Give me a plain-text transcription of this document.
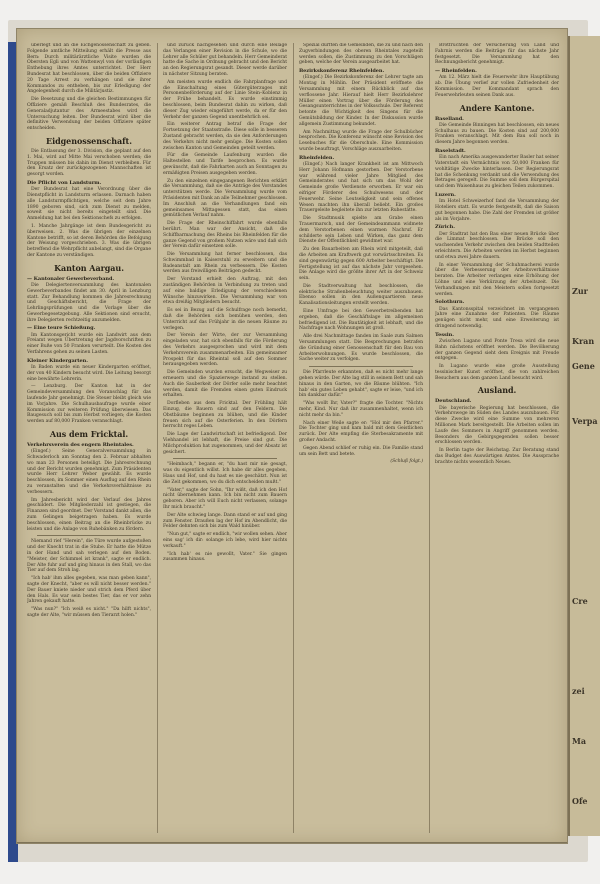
überlegt und an die Eichgenossenschaft zu geben. Folgende amtliche Mitteilung erhält die Presse aus Bern: Durch militärärztliche Visite wurden die Obersten Egli und von Wattenwyl von der vorläufigen Enthebung ihres Amtes unterrichtet. Der Herr Bundesrat hat beschlossen, über die beiden Offiziere 20 Tage Arrest zu verhängen und sie ihrer Kommandos zu entheben, bis zur Erledigung der Angelegenheit durch die Militärjustiz.
Die Besetzung und die gleichen Bestimmungen für Offiziere gemäß Beschluß des Bundesrates, die Generaladjutantur des Armeestabes wird die Untersuchung leiten. Der Bundesrat wird über die definitive Verwendung der beiden Offiziere später entscheiden.
Eidgenossenschaft.
Die Entlassung der 3. Division, die geplant auf den 1. Mai, wird auf Mitte Mai verschoben werden; die Truppen müssen bis dahin im Dienst verbleiben. Für den Ersatz der zurückgezogenen Mannschaften ist gesorgt worden.
Die Pflicht von Landsturm.
Der Bundesrat hat eine Verordnung über die Dienstpflicht in Landsturm erlassen. Darnach haben alle Landsturmpflichtigen, welche seit dem Jahre 1890 geboren sind, sich zum Dienst zu melden, soweit sie nicht bereits eingeteilt sind. Die Anmeldung hat bei den Sektionschefs zu erfolgen.
1. Manche Jahrgänge ist dem Bundesgericht zu überweisen. 2. Was die übrigen der einzelnen Kantone betrifft, so ist deren Behörden die Befolgung der Weisung vorgeschrieben. 3. Was die übrigen betreffend die Wehrpflicht anbelangt, sind die Organe der Kantone zu verständigen.
Kanton Aargau.
— Kantonaler Gewerbeverband.
Die Delegiertenversammlung des kantonalen Gewerbeverbandes findet am 30. April in Lenzburg statt. Zur Behandlung kommen die Jahresrechnung und Geschäftsbericht, die Frage der Lehrlingsprüfungen und die Vorlage über die Gewerbegesetzgebung. Alle Sektionen sind ersucht, ihre Delegierten rechtzeitig anzumelden.
— Eine teure Schießung.
Im Kantonsgericht wurde ein Landwirt aus dem Freiamt wegen Übertretung der Jagdvorschriften zu einer Buße von 50 Franken verurteilt. Die Kosten des Verfahrens gehen zu seinen Lasten.
Kleiner Kindergarten.
In Baden wurde ein neuer Kindergarten eröffnet, der von 40 Kindern besucht wird. Die Leitung besorgt eine bewährte Lehrerin.
— Lenzburg. Der Kanton hat in der Gemeindeversammlung den Voranschlag für das laufende Jahr genehmigt. Die Steuer bleibt gleich wie im Vorjahre. Die Schulhausbaufrage wurde einer Kommission zur weiteren Prüfung überwiesen. Das Baugesuch soll bis zum Herbst vorliegen; die Kosten werden auf 80,000 Franken veranschlagt.
Aus dem Fricktal.
Verkehrsverein des engern Rheintales.
(Eingef.) Seine Generalversammlung in Schwaderloch am Sonntag den 2. Februar abhalten wo man 23 Personen beteiligt. Die Jahresrechnung und der Bericht wurden genehmigt. Zum Präsidenten wurde Herr Lehrer Weber gewählt. Es wurde beschlossen, im Sommer einen Ausflug auf den Rhein zu veranstalten und die Verkehrsverhältnisse zu verbessern.
Im Jahresbericht wird der Verlauf des Jahres geschildert. Die Mitgliederzahl ist gestiegen, die Finanzen sind geordnet. Der Vorstand dankt allen, die zum Gelingen beigetragen haben. Es wurde beschlossen, einen Beitrag an die Rheinbrücke zu leisten und die Anlage von Ruhebänken zu fördern.
Niemand rief "Herein", die Türe wurde aufgestoßen und der Knecht trat in die Stube. Er hatte die Mütze in der Hand und sah verlegen auf den Boden. "Meister, der Schimmel ist krank", sagte er endlich. Der Alte fuhr auf und ging hinaus in den Stall, wo das Tier auf dem Stroh lag.
"Ich hab' ihm alles gegeben, was man geben kann", sagte der Knecht, "aber es will nicht besser werden." Der Bauer kniete nieder und strich dem Pferd über den Hals. Es war sein bestes Tier, das er vor zehn Jahren gekauft hatte.
"Was nun?" "Ich weiß es nicht." "Da hilft nichts", sagte der Alte, "wir müssen den Tierarzt holen."
und zurück nachgesehen und durch eine Beilage das Verlangen einer Revision in die Schule, wo die Lehrer alle Schüler gut behandeln. Herr Gemeinderat hatte die Sache in Ordnung gebracht und den Bericht an den Regierungsrat gesandt. Dieser werde darüber in nächster Sitzung beraten.
Am meisten wurde endlich die Fahrplanfrage und die Einschaltung eines Gütergüterzuges mit Personenbeförderung auf der Linie Stein–Koblenz in der Frühe behandelt. Es wurde einstimmig beschlossen, beim Bundesrat dahin zu wirken, daß dieser Zug wieder eingeführt werde, da er für den Verkehr der ganzen Gegend unentbehrlich sei.
Ein weiterer Antrag betraf die Frage der Fortsetzung der Staatsstraße. Diese solle in besseren Zustand gebracht werden, da sie den Anforderungen des Verkehrs nicht mehr genüge. Die Kosten sollen zwischen Kanton und Gemeinden geteilt werden.
Für die Gemeinde Laufenburg wurden die Haltestellen und Tarife besprochen. Es wurde gewünscht, daß die Fahrkarten auch an Sonntagen zu ermäßigten Preisen ausgegeben werden.
Zu den einzelnen eingegangenen Berichten erklärt die Versammlung, daß sie die Anträge des Vorstandes unterstützen werde. Die Versammlung wurde vom Präsidenten mit Dank an alle Teilnehmer geschlossen. Im Anschluß an die Verhandlungen fand ein gemeinsames Mittagessen statt, das einen gemütlichen Verlauf nahm.
Die Frage der Rheinschiffahrt wurde ebenfalls berührt. Man war der Ansicht, daß die Schiffbarmachung des Rheins bis Rheinfelden für die ganze Gegend von großem Nutzen wäre und daß sich der Verein dafür einsetzen solle.
Die Versammlung hat ferner beschlossen, das Schwimmbad in Kaiserstuhl zu erweitern und die Badeanstalt am Rhein zu verbessern. Die Kosten werden aus freiwilligen Beiträgen gedeckt.
Der Vorstand erhielt den Auftrag, mit den zuständigen Behörden in Verbindung zu treten und auf eine baldige Erledigung der verschiedenen Wünsche hinzuwirken. Die Versammlung war von etwa dreißig Mitgliedern besucht.
Es sei in Bezug auf die Schulfrage noch bemerkt, daß die Behörden sich bemühen werden, den Unterricht auf das Frühjahr in die neuen Räume zu verlegen.
Der Verein der Wirte, der zur Versammlung eingeladen war, hat sich ebenfalls für die Förderung des Verkehrs ausgesprochen und wird mit dem Verkehrsverein zusammenarbeiten. Ein gemeinsamer Prospekt für das Rheintal soll auf den Sommer herausgegeben werden.
Die Gemeinden wurden ersucht, die Wegweiser zu erneuern und die Spazierwege instand zu stellen. Auch die Sauberkeit der Dörfer solle mehr beachtet werden, damit die Fremden einen guten Eindruck erhalten.
Dorfleben aus dem Fricktal. Der Frühling hält Einzug, die Bauern sind auf den Feldern. Die Obstbäume beginnen zu blühen, und die Kinder freuen sich auf die Osterferien. In den Dörfern herrscht reges Leben.
Die Lage der Landwirtschaft ist befriedigend. Der Viehhandel ist lebhaft, die Preise sind gut. Die Milchproduktion hat zugenommen, und der Absatz ist gesichert.
"Heimbach," begann er, "du hast mir nie gesagt, was du eigentlich willst. Ich habe dir alles gegeben, Haus und Hof, und du hast es nie geschätzt. Nun ist die Zeit gekommen, wo du dich entscheiden mußt."
"Vater," sagte der Sohn, "Ihr wißt, daß ich den Hof nicht übernehmen kann. Ich bin nicht zum Bauern geboren. Aber ich will Euch nicht verlassen, solange Ihr mich braucht."
Der Alte schwieg lange. Dann stand er auf und ging zum Fenster. Draußen lag der Hof im Abendlicht, die Felder dehnten sich bis zum Wald hinüber.
"Nun gut," sagte er endlich, "wir wollen sehen. Aber eins sag' ich dir: solange ich lebe, wird hier nichts verkauft."
"Ich hab' es nie gewollt, Vater." Sie gingen zusammen hinaus.
Spezial dürften die Gemeinden, die zu und nach den Zugverbindungen des oberen Rheintales zugeteilt werden sollen, die Zustimmung zu den Vorschlägen geben, welche der Verein ausgearbeitet hat.
Bezirkskonferenz Rheinfelden.
(Eingef.) Die Bezirkskonferenz der Lehrer tagte am Montag in Möhlin. Der Präsident eröffnete die Versammlung mit einem Rückblick auf das verflossene Jahr. Hierauf hielt Herr Bezirkslehrer Müller einen Vortrag über die Förderung des Gesangsunterrichtes in der Volksschule. Der Referent betonte die Wichtigkeit des Singens für die Gemütsbildung der Kinder. In der Diskussion wurde allgemein Zustimmung bekundet.
Am Nachmittag wurde die Frage der Schulbücher besprochen. Die Konferenz wünscht eine Revision des Lesebuches für die Oberschule. Eine Kommission wurde beauftragt, Vorschläge auszuarbeiten.
Rheinfelden.
(Eingef.) Nach langer Krankheit ist am Mittwoch Herr Johann Hofmann gestorben. Der Verstorbene war während vieler Jahre Mitglied des Gemeinderates und hat sich um das Wohl der Gemeinde große Verdienste erworben. Er war ein eifriger Förderer des Schulwesens und der Feuerwehr. Seine Leutseligkeit und sein offenes Wesen machten ihn überall beliebt. Ein großes Trauergeleite begleitete ihn zur letzten Ruhestätte.
Die Stadtmusik spielte am Grabe einen Trauermarsch, und der Gemeindeammann widmete dem Verstorbenen einen warmen Nachruf. Er schilderte sein Leben und Wirken, das ganz dem Dienste der Öffentlichkeit gewidmet war.
Zu den Bauarbeiten am Rhein wird mitgeteilt, daß die Arbeiten am Kraftwerk gut vorwärtsschreiten. Es sind gegenwärtig gegen 600 Arbeiter beschäftigt. Die Fertigstellung ist auf das nächste Jahr vorgesehen. Die Anlage wird die größte ihrer Art in der Schweiz sein.
Die Stadtverwaltung hat beschlossen, die elektrische Straßenbeleuchtung weiter auszubauen. Ebenso sollen in den Außenquartieren neue Kanalisationsleitungen erstellt werden.
Eine Umfrage bei den Gewerbetreibenden hat ergeben, daß die Geschäftslage im allgemeinen befriedigend ist. Die Bautätigkeit ist lebhaft, und die Nachfrage nach Wohnungen ist groß.
Alle drei Nachmittage fanden im Saale zum Salmen Versammlungen statt. Die Besprechungen betrafen die Gründung einer Genossenschaft für den Bau von Arbeiterwohnungen. Es wurde beschlossen, die Sache weiter zu verfolgen.
Die Pfarrleute erkannten, daß es nicht mehr lange gehen würde. Der Alte lag still in seinem Bett und sah hinaus in den Garten, wo die Bäume blühten. "Ich hab' ein gutes Leben gehabt", sagte er leise, "und ich bin dankbar dafür."
"Was wollt Ihr, Vater?" fragte die Tochter. "Nichts mehr, Kind. Nur daß ihr zusammenhaltet, wenn ich nicht mehr da bin."
Nach einer Weile sagte er: "Hol mir den Pfarrer." Die Tochter ging und kam bald mit dem Geistlichen zurück. Der Alte empfing die Sterbesakramente mit großer Andacht.
Gegen Abend schlief er ruhig ein. Die Familie stand um sein Bett und betete.
(Schluß folgt.)
Brotfrüchten der Versicherung von Land und Fahrnis werden die Beiträge für das nächste Jahr festgesetzt. Die Versammlung hat den Rechnungsbericht genehmigt.
— Rheinfelden.
Am 12. März hielt die Feuerwehr ihre Hauptübung ab. Die Übung verlief zur vollen Zufriedenheit der Kommission. Der Kommandant sprach den Feuerwehrleuten seinen Dank aus.
Andere Kantone.
Baselland.
Die Gemeinde Binningen hat beschlossen, ein neues Schulhaus zu bauen. Die Kosten sind auf 200,000 Franken veranschlagt. Mit dem Bau soll noch in diesem Jahre begonnen werden.
Baselstadt.
Ein nach Amerika ausgewanderter Basler hat seiner Vaterstadt ein Vermächtnis von 50,000 Franken für wohltätige Zwecke hinterlassen. Der Regierungsrat hat die Schenkung verdankt und die Verwendung des Betrages geregelt. Die Summe soll dem Bürgerspital und dem Waisenhaus zu gleichen Teilen zukommen.
Luzern.
Im Hotel Schweizerhof fand die Versammlung der Hoteliers statt. Es wurde festgestellt, daß die Saison gut begonnen habe. Die Zahl der Fremden ist größer als im Vorjahre.
Zürich.
Der Stadtrat hat den Bau einer neuen Brücke über die Limmat beschlossen. Die Brücke soll den wachsenden Verkehr zwischen den beiden Stadtteilen erleichtern. Die Arbeiten werden im Herbst beginnen und etwa zwei Jahre dauern.
In einer Versammlung der Schuhmacherei wurde über die Verbesserung der Arbeitsverhältnisse beraten. Die Arbeiter verlangen eine Erhöhung der Löhne und eine Verkürzung der Arbeitszeit. Die Verhandlungen mit den Meistern sollen fortgesetzt werden.
Solothurn.
Das Kantonsspital verzeichnet im vergangenen Jahre eine Zunahme der Patienten. Die Räume genügen nicht mehr, und eine Erweiterung ist dringend notwendig.
Tessin.
Zwischen Lugano und Ponte Tresa wird die neue Bahn nächstens eröffnet werden. Die Bevölkerung der ganzen Gegend sieht dem Ereignis mit Freude entgegen.
In Lugano wurde eine große Ausstellung tessinischer Kunst eröffnet, die von zahlreichen Besuchern aus dem ganzen Land besucht wird.
Ausland.
Deutschland.
Die bayerische Regierung hat beschlossen, die Verkehrswege im Süden des Landes auszubauen. Für diese Zwecke wird eine Summe von mehreren Millionen Mark bereitgestellt. Die Arbeiten sollen im Laufe des Sommers in Angriff genommen werden. Besonders die Gebirgsgegenden sollen besser erschlossen werden.
In Berlin tagte der Reichstag. Zur Beratung stand das Budget des Auswärtigen Amtes. Die Aussprache brachte nichts wesentlich Neues.
Zur
Kran
Gene
Verpa
Cre
zei
Ma
Ofe
